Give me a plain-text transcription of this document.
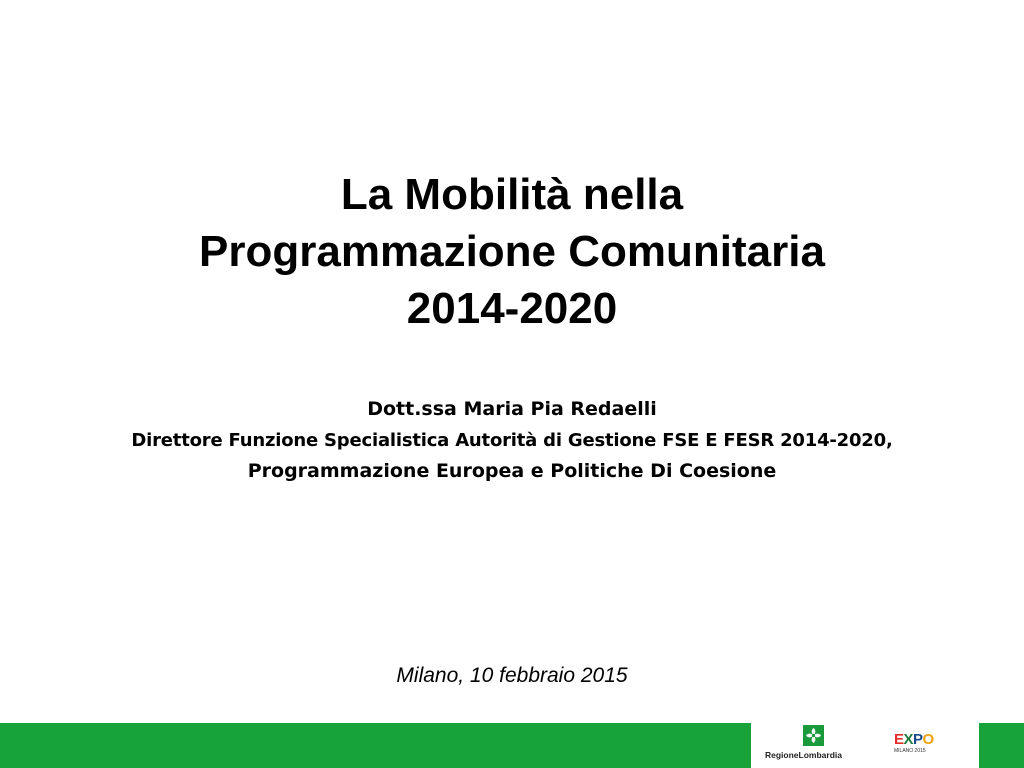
La Mobilità nella
Programmazione Comunitaria
2014-2020
Dott.ssa Maria Pia Redaelli
Direttore Funzione Specialistica Autorità di Gestione FSE E FESR 2014-2020,
Programmazione Europea e Politiche Di Coesione
Milano, 10 febbraio 2015
RegioneLombardia
EXPO
MILANO 2015
